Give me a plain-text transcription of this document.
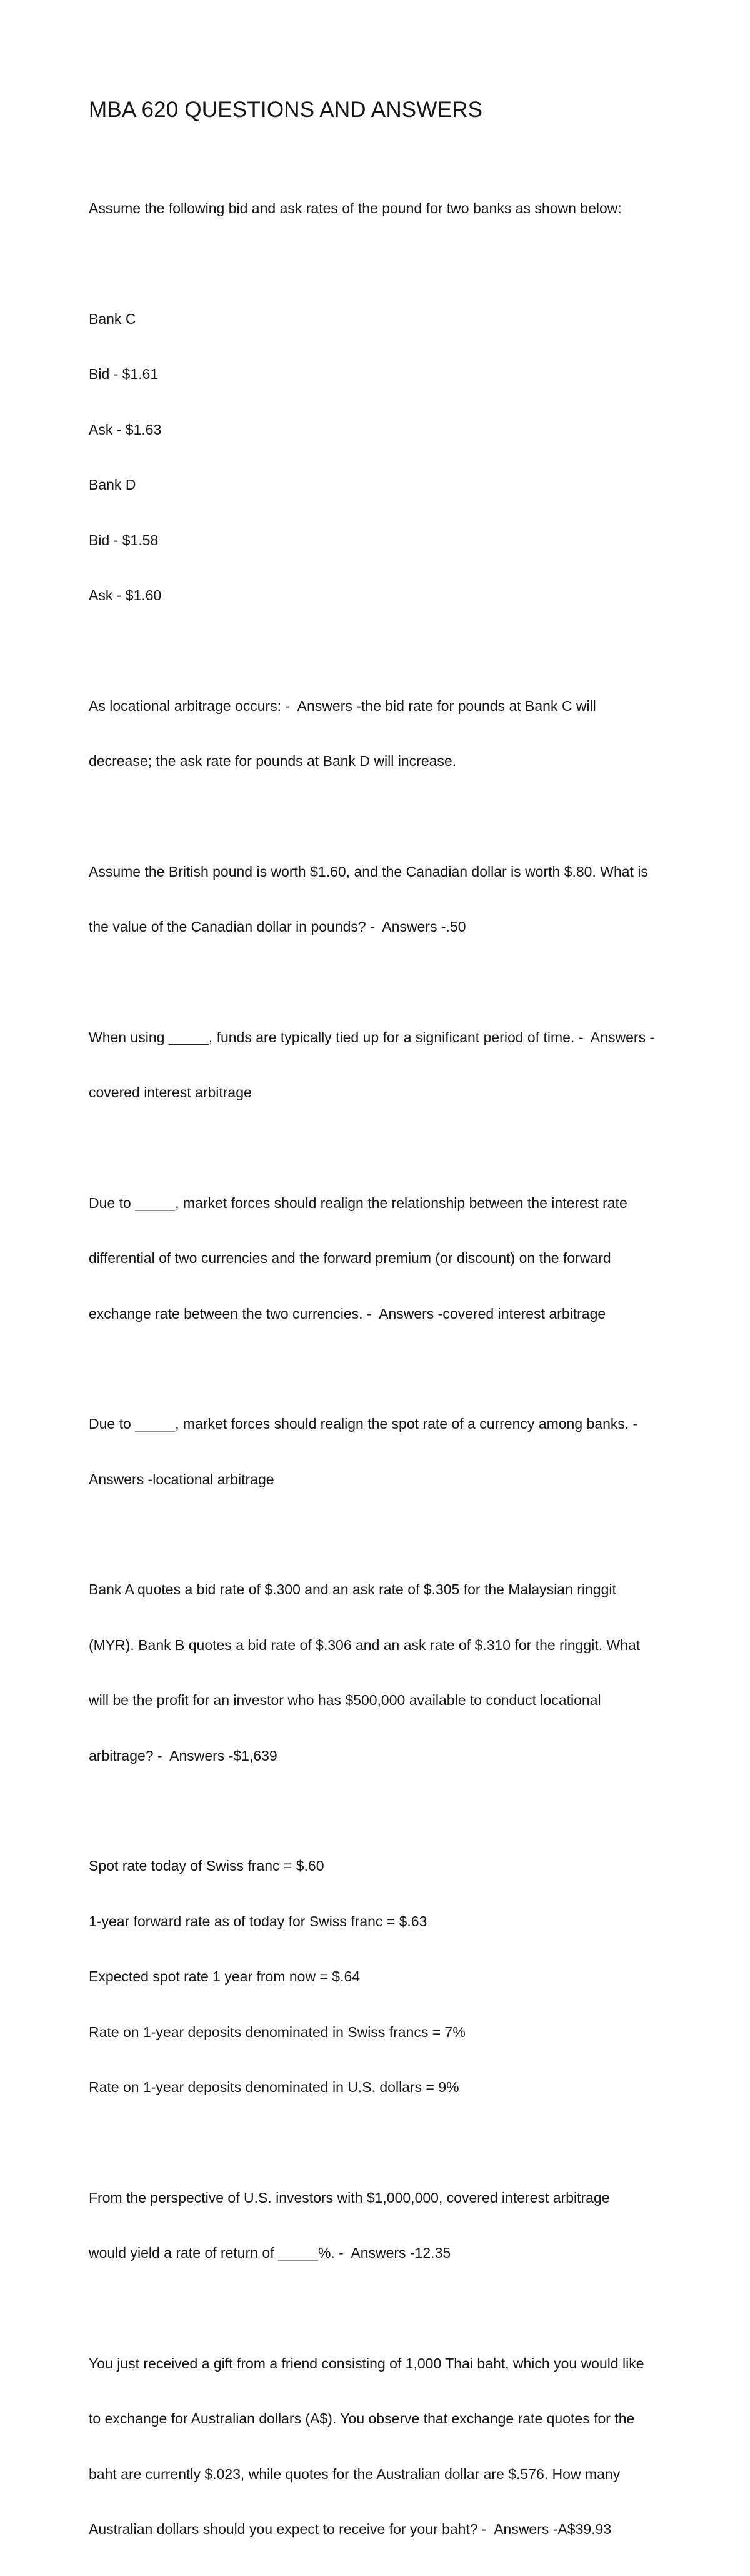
MBA 620 QUESTIONS AND ANSWERS

Assume the following bid and ask rates of the pound for two banks as shown below:

Bank C

Bid - $1.61

Ask - $1.63

Bank D

Bid - $1.58

Ask - $1.60

As locational arbitrage occurs: -  Answers -the bid rate for pounds at Bank C will

decrease; the ask rate for pounds at Bank D will increase.

Assume the British pound is worth $1.60, and the Canadian dollar is worth $.80. What is

the value of the Canadian dollar in pounds? -  Answers -.50

When using _____, funds are typically tied up for a significant period of time. -  Answers -

covered interest arbitrage

Due to _____, market forces should realign the relationship between the interest rate

differential of two currencies and the forward premium (or discount) on the forward

exchange rate between the two currencies. -  Answers -covered interest arbitrage

Due to _____, market forces should realign the spot rate of a currency among banks. -

Answers -locational arbitrage

Bank A quotes a bid rate of $.300 and an ask rate of $.305 for the Malaysian ringgit

(MYR). Bank B quotes a bid rate of $.306 and an ask rate of $.310 for the ringgit. What

will be the profit for an investor who has $500,000 available to conduct locational

arbitrage? -  Answers -$1,639

Spot rate today of Swiss franc = $.60

1-year forward rate as of today for Swiss franc = $.63

Expected spot rate 1 year from now = $.64

Rate on 1-year deposits denominated in Swiss francs = 7%

Rate on 1-year deposits denominated in U.S. dollars = 9%

From the perspective of U.S. investors with $1,000,000, covered interest arbitrage

would yield a rate of return of _____%. -  Answers -12.35

You just received a gift from a friend consisting of 1,000 Thai baht, which you would like

to exchange for Australian dollars (A$). You observe that exchange rate quotes for the

baht are currently $.023, while quotes for the Australian dollar are $.576. How many

Australian dollars should you expect to receive for your baht? -  Answers -A$39.93
